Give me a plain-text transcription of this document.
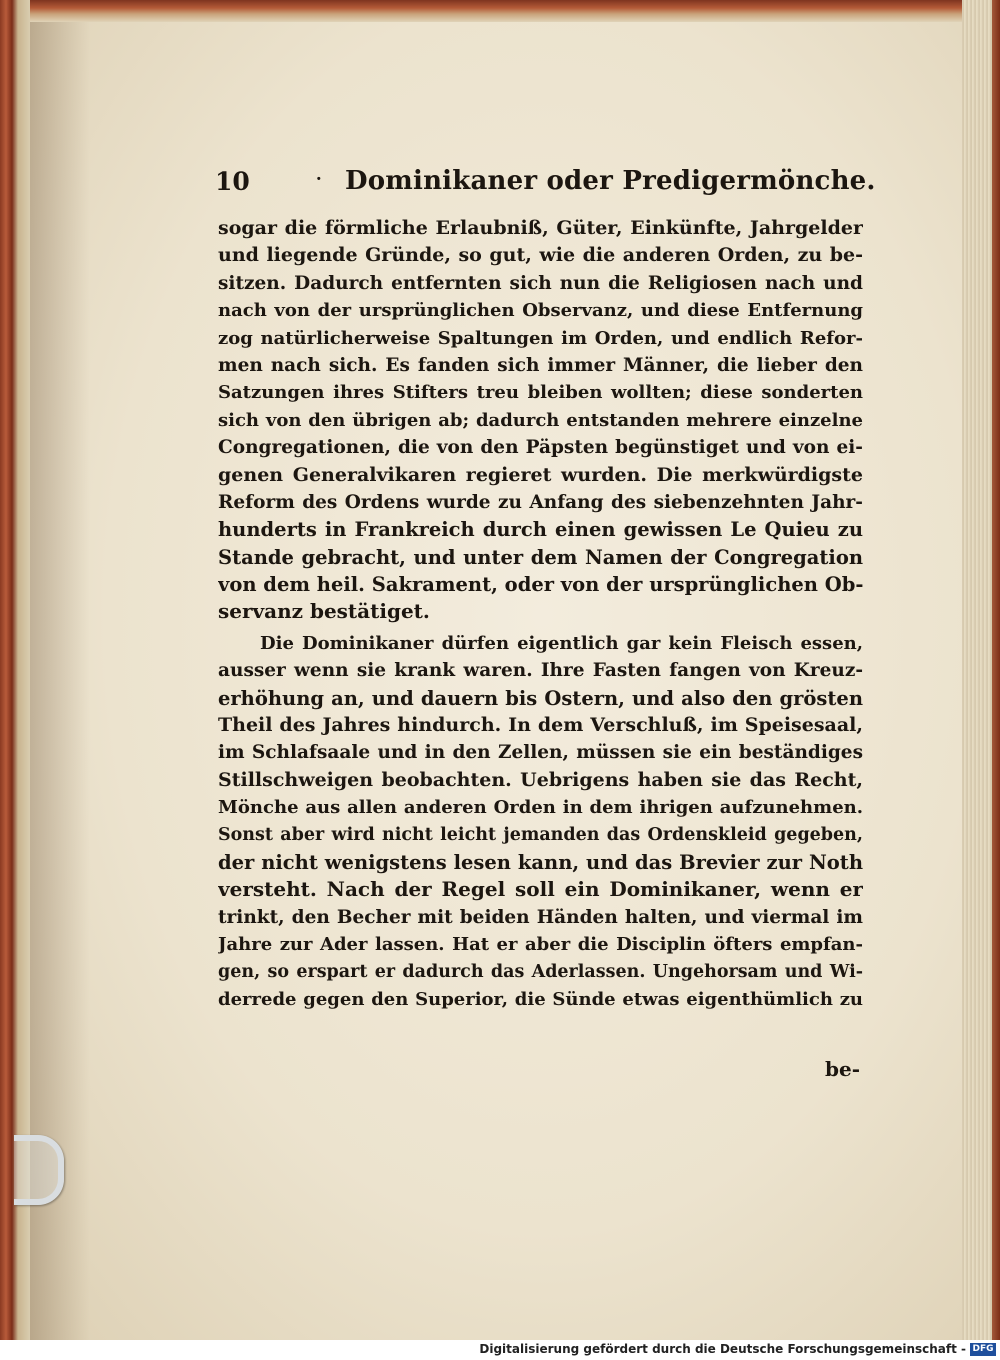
10	· Dominikaner oder Predigermönche.
sogar die förmliche Erlaubniß, Güter, Einkünfte, Jahrgelder
und liegende Gründe, so gut, wie die anderen Orden, zu be-
sitzen. Dadurch entfernten sich nun die Religiosen nach und
nach von der ursprünglichen Observanz, und diese Entfernung
zog natürlicherweise Spaltungen im Orden, und endlich Refor-
men nach sich. Es fanden sich immer Männer, die lieber den
Satzungen ihres Stifters treu bleiben wollten; diese sonderten
sich von den übrigen ab; dadurch entstanden mehrere einzelne
Congregationen, die von den Päpsten begünstiget und von ei-
genen Generalvikaren regieret wurden. Die merkwürdigste
Reform des Ordens wurde zu Anfang des siebenzehnten Jahr-
hunderts in Frankreich durch einen gewissen Le Quieu zu
Stande gebracht, und unter dem Namen der Congregation
von dem heil. Sakrament, oder von der ursprünglichen Ob-
servanz bestätiget.
Die Dominikaner dürfen eigentlich gar kein Fleisch essen,
ausser wenn sie krank waren. Ihre Fasten fangen von Kreuz-
erhöhung an, und dauern bis Ostern, und also den grösten
Theil des Jahres hindurch. In dem Verschluß, im Speisesaal,
im Schlafsaale und in den Zellen, müssen sie ein beständiges
Stillschweigen beobachten. Uebrigens haben sie das Recht,
Mönche aus allen anderen Orden in dem ihrigen aufzunehmen.
Sonst aber wird nicht leicht jemanden das Ordenskleid gegeben,
der nicht wenigstens lesen kann, und das Brevier zur Noth
versteht. Nach der Regel soll ein Dominikaner, wenn er
trinkt, den Becher mit beiden Händen halten, und viermal im
Jahre zur Ader lassen. Hat er aber die Disciplin öfters empfan-
gen, so erspart er dadurch das Aderlassen. Ungehorsam und Wi-
derrede gegen den Superior, die Sünde etwas eigenthümlich zu
be-
Digitalisierung gefördert durch die Deutsche Forschungsgemeinschaft - DFG
